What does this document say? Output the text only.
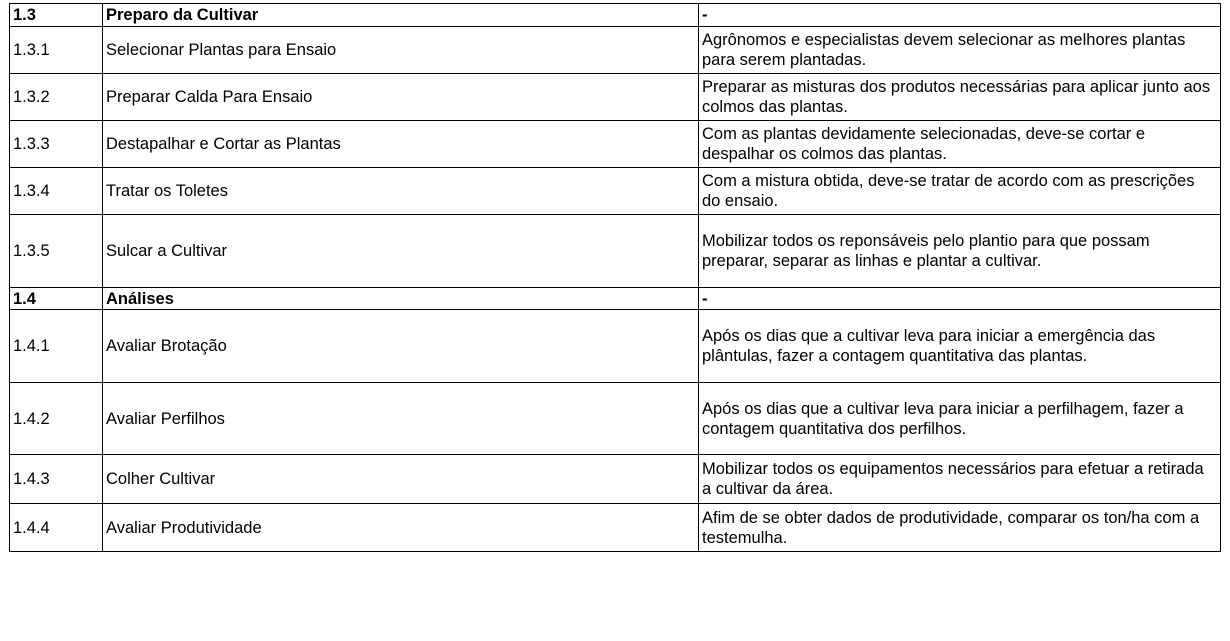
1.3	Preparo da Cultivar	-
1.3.1	Selecionar Plantas para Ensaio	Agrônomos e especialistas devem selecionar as melhores plantas para serem plantadas.
1.3.2	Preparar Calda Para Ensaio	Preparar as misturas dos produtos necessárias para aplicar junto aos colmos das plantas.
1.3.3	Destapalhar e Cortar as Plantas	Com as plantas devidamente selecionadas, deve-se cortar e despalhar os colmos das plantas.
1.3.4	Tratar os Toletes	Com a mistura obtida, deve-se tratar de acordo com as prescrições do ensaio.
1.3.5	Sulcar a Cultivar	Mobilizar todos os reponsáveis pelo plantio para que possam preparar, separar as linhas e plantar a cultivar.
1.4	Análises	-
1.4.1	Avaliar Brotação	Após os dias que a cultivar leva para iniciar a emergência das plântulas, fazer a contagem quantitativa das plantas.
1.4.2	Avaliar Perfilhos	Após os dias que a cultivar leva para iniciar a perfilhagem, fazer a contagem quantitativa dos perfilhos.
1.4.3	Colher Cultivar	Mobilizar todos os equipamentos necessários para efetuar a retirada a cultivar da área.
1.4.4	Avaliar Produtividade	Afim de se obter dados de produtividade, comparar os ton/ha com a testemulha.
